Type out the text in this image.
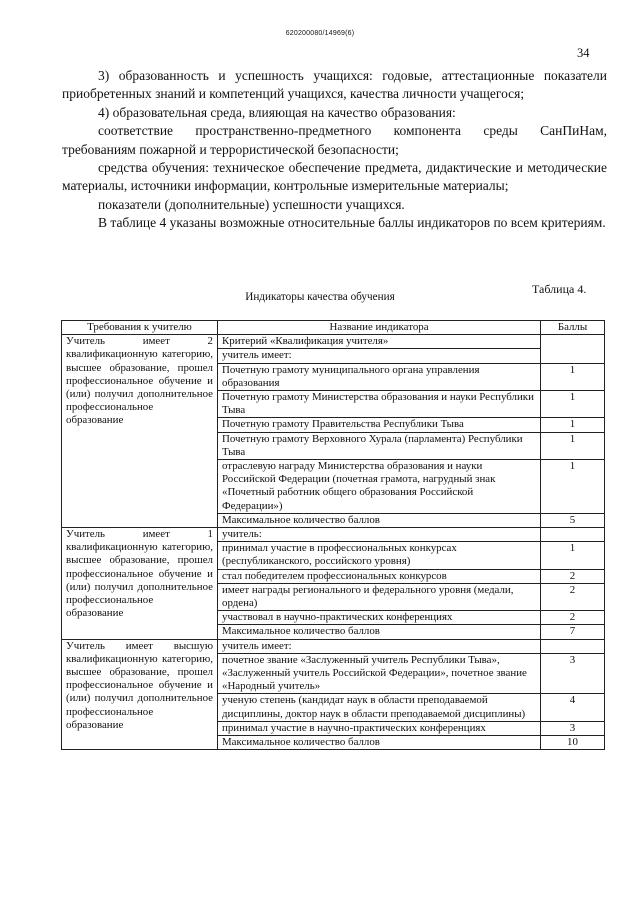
620200080/14969(6)
34

3) образованность и успешность учащихся: годовые, аттестационные показатели приобретенных знаний и компетенций учащихся, качества личности учащегося;

4) образовательная среда, влияющая на качество образования:

соответствие пространственно-предметного компонента среды СанПиНам, требованиям пожарной и террористической безопасности;

средства обучения: техническое обеспечение предмета, дидактические и методические материалы, источники информации, контрольные измерительные материалы;

показатели (дополнительные) успешности учащихся.

В таблице 4 указаны возможные относительные баллы индикаторов по всем критериям.

Таблица 4.
Индикаторы качества обучения
Требования к учителю	Название индикатора	Баллы
Учитель имеет 2 квалификационную категорию, высшее образование, прошел профессиональное обучение и (или) получил дополнительное профессиональное образование	Критерий «Квалификация учителя»	
	учитель имеет:	
	Почетную грамоту муниципального органа управления образования	1
	Почетную грамоту Министерства образования и науки Республики Тыва	1
	Почетную грамоту Правительства Республики Тыва	1
	Почетную грамоту Верховного Хурала (парламента) Республики Тыва	1
	отраслевую награду Министерства образования и науки Российской Федерации (почетная грамота, нагрудный знак «Почетный работник общего образования Российской Федерации»)	1
	Максимальное количество баллов	5
Учитель имеет 1 квалификационную категорию, высшее образование, прошел профессиональное обучение и (или) получил дополнительное профессиональное образование	учитель:	
	принимал участие в профессиональных конкурсах (республиканского, российского уровня)	1
	стал победителем профессиональных конкурсов	2
	имеет награды регионального и федерального уровня (медали, ордена)	2
	участвовал в научно-практических конференциях	2
	Максимальное количество баллов	7
Учитель имеет высшую квалификационную категорию, высшее образование, прошел профессиональное обучение и (или) получил дополнительное профессиональное образование	учитель имеет:	
	почетное звание «Заслуженный учитель Республики Тыва», «Заслуженный учитель Российской Федерации», почетное звание «Народный учитель»	3
	ученую степень (кандидат наук в области преподаваемой дисциплины, доктор наук в области преподаваемой дисциплины)	4
	принимал участие в научно-практических конференциях	3
	Максимальное количество баллов	10
